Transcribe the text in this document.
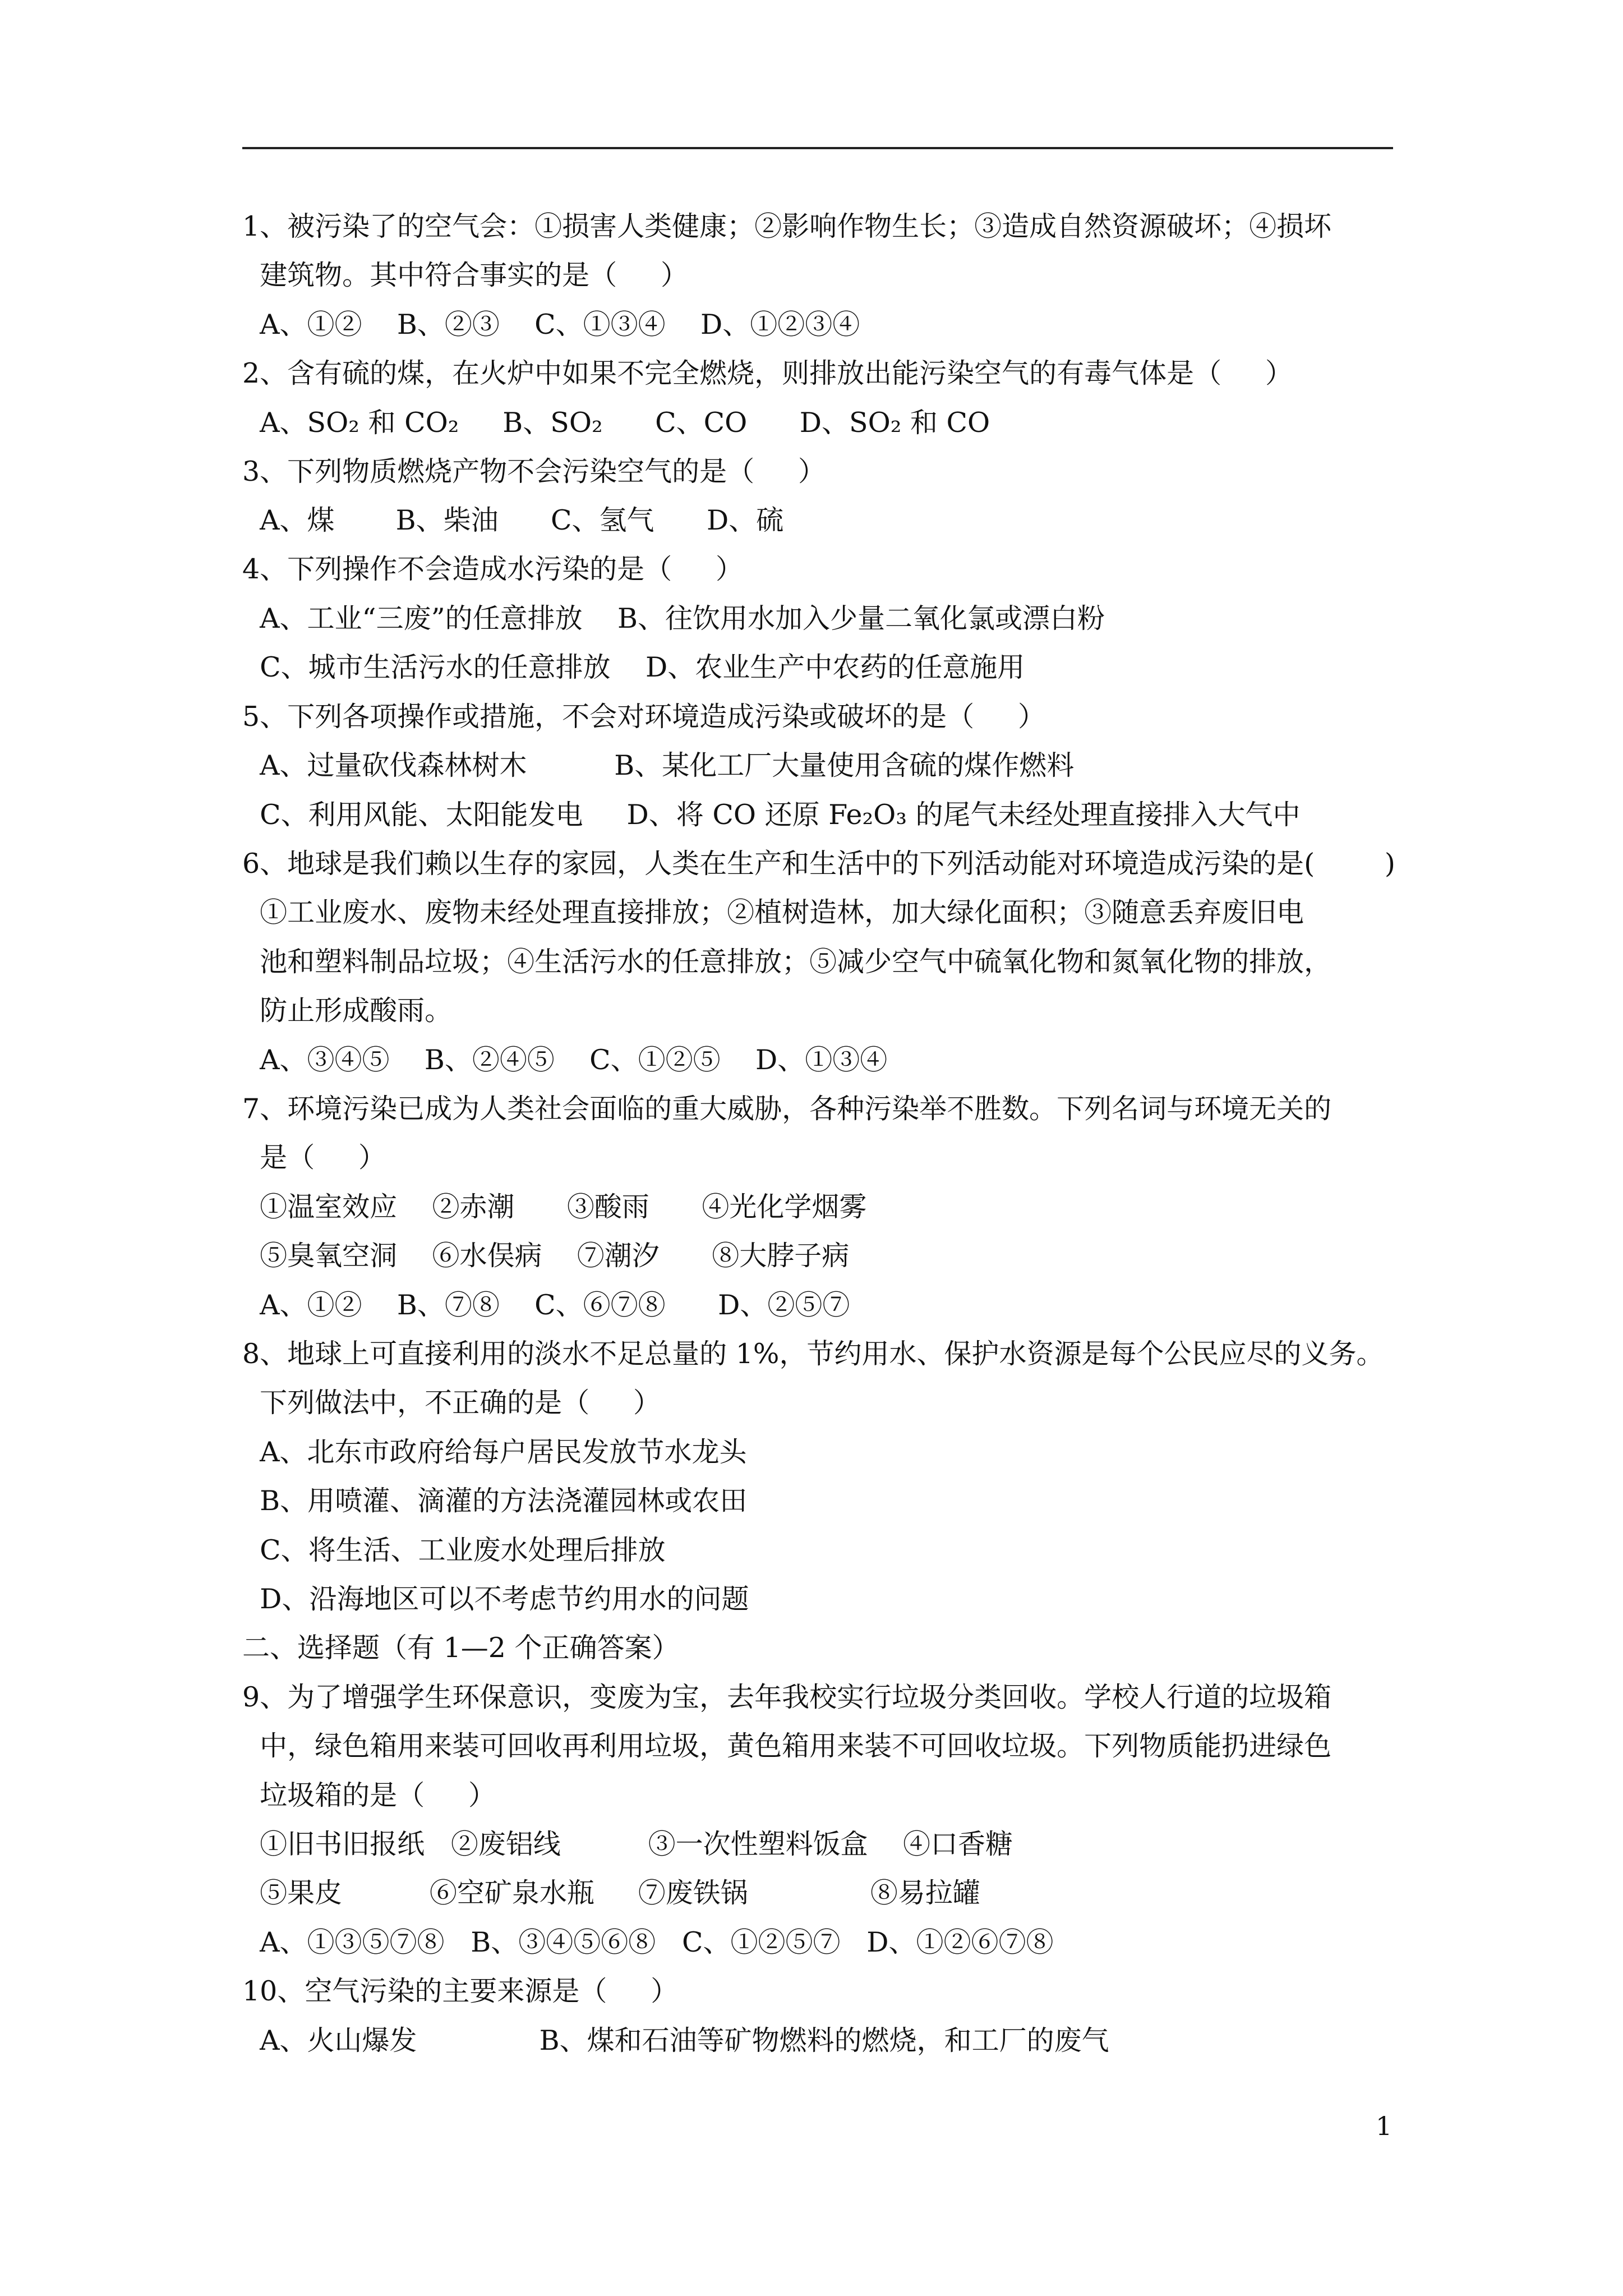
1、被污染了的空气会：①损害人类健康；②影响作物生长；③造成自然资源破坏；④损坏
建筑物。其中符合事实的是（     ）
A、①②    B、②③    C、①③④    D、①②③④
2、含有硫的煤，在火炉中如果不完全燃烧，则排放出能污染空气的有毒气体是（     ）
A、SO₂ 和 CO₂     B、SO₂      C、CO      D、SO₂ 和 CO
3、下列物质燃烧产物不会污染空气的是（     ）
A、煤       B、柴油      C、氢气      D、硫
4、下列操作不会造成水污染的是（     ）
A、工业“三废”的任意排放    B、往饮用水加入少量二氧化氯或漂白粉
C、城市生活污水的任意排放    D、农业生产中农药的任意施用
5、下列各项操作或措施，不会对环境造成污染或破坏的是（     ）
A、过量砍伐森林树木          B、某化工厂大量使用含硫的煤作燃料
C、利用风能、太阳能发电     D、将 CO 还原 Fe₂O₃ 的尾气未经处理直接排入大气中
6、地球是我们赖以生存的家园，人类在生产和生活中的下列活动能对环境造成污染的是(        )
①工业废水、废物未经处理直接排放；②植树造林，加大绿化面积；③随意丢弃废旧电
池和塑料制品垃圾；④生活污水的任意排放；⑤减少空气中硫氧化物和氮氧化物的排放，
防止形成酸雨。
A、③④⑤    B、②④⑤    C、①②⑤    D、①③④
7、环境污染已成为人类社会面临的重大威胁，各种污染举不胜数。下列名词与环境无关的
是（     ）
①温室效应    ②赤潮      ③酸雨      ④光化学烟雾
⑤臭氧空洞    ⑥水俣病    ⑦潮汐      ⑧大脖子病
A、①②    B、⑦⑧    C、⑥⑦⑧      D、②⑤⑦
8、地球上可直接利用的淡水不足总量的 1%，节约用水、保护水资源是每个公民应尽的义务。
下列做法中，不正确的是（     ）
A、北东市政府给每户居民发放节水龙头
B、用喷灌、滴灌的方法浇灌园林或农田
C、将生活、工业废水处理后排放
D、沿海地区可以不考虑节约用水的问题
二、选择题（有 1—2 个正确答案）
9、为了增强学生环保意识，变废为宝，去年我校实行垃圾分类回收。学校人行道的垃圾箱
中，绿色箱用来装可回收再利用垃圾，黄色箱用来装不可回收垃圾。下列物质能扔进绿色
垃圾箱的是（     ）
①旧书旧报纸   ②废铝线          ③一次性塑料饭盒    ④口香糖
⑤果皮          ⑥空矿泉水瓶     ⑦废铁锅              ⑧易拉罐
A、①③⑤⑦⑧   B、③④⑤⑥⑧   C、①②⑤⑦   D、①②⑥⑦⑧
10、空气污染的主要来源是（     ）
A、火山爆发              B、煤和石油等矿物燃料的燃烧，和工厂的废气
1
